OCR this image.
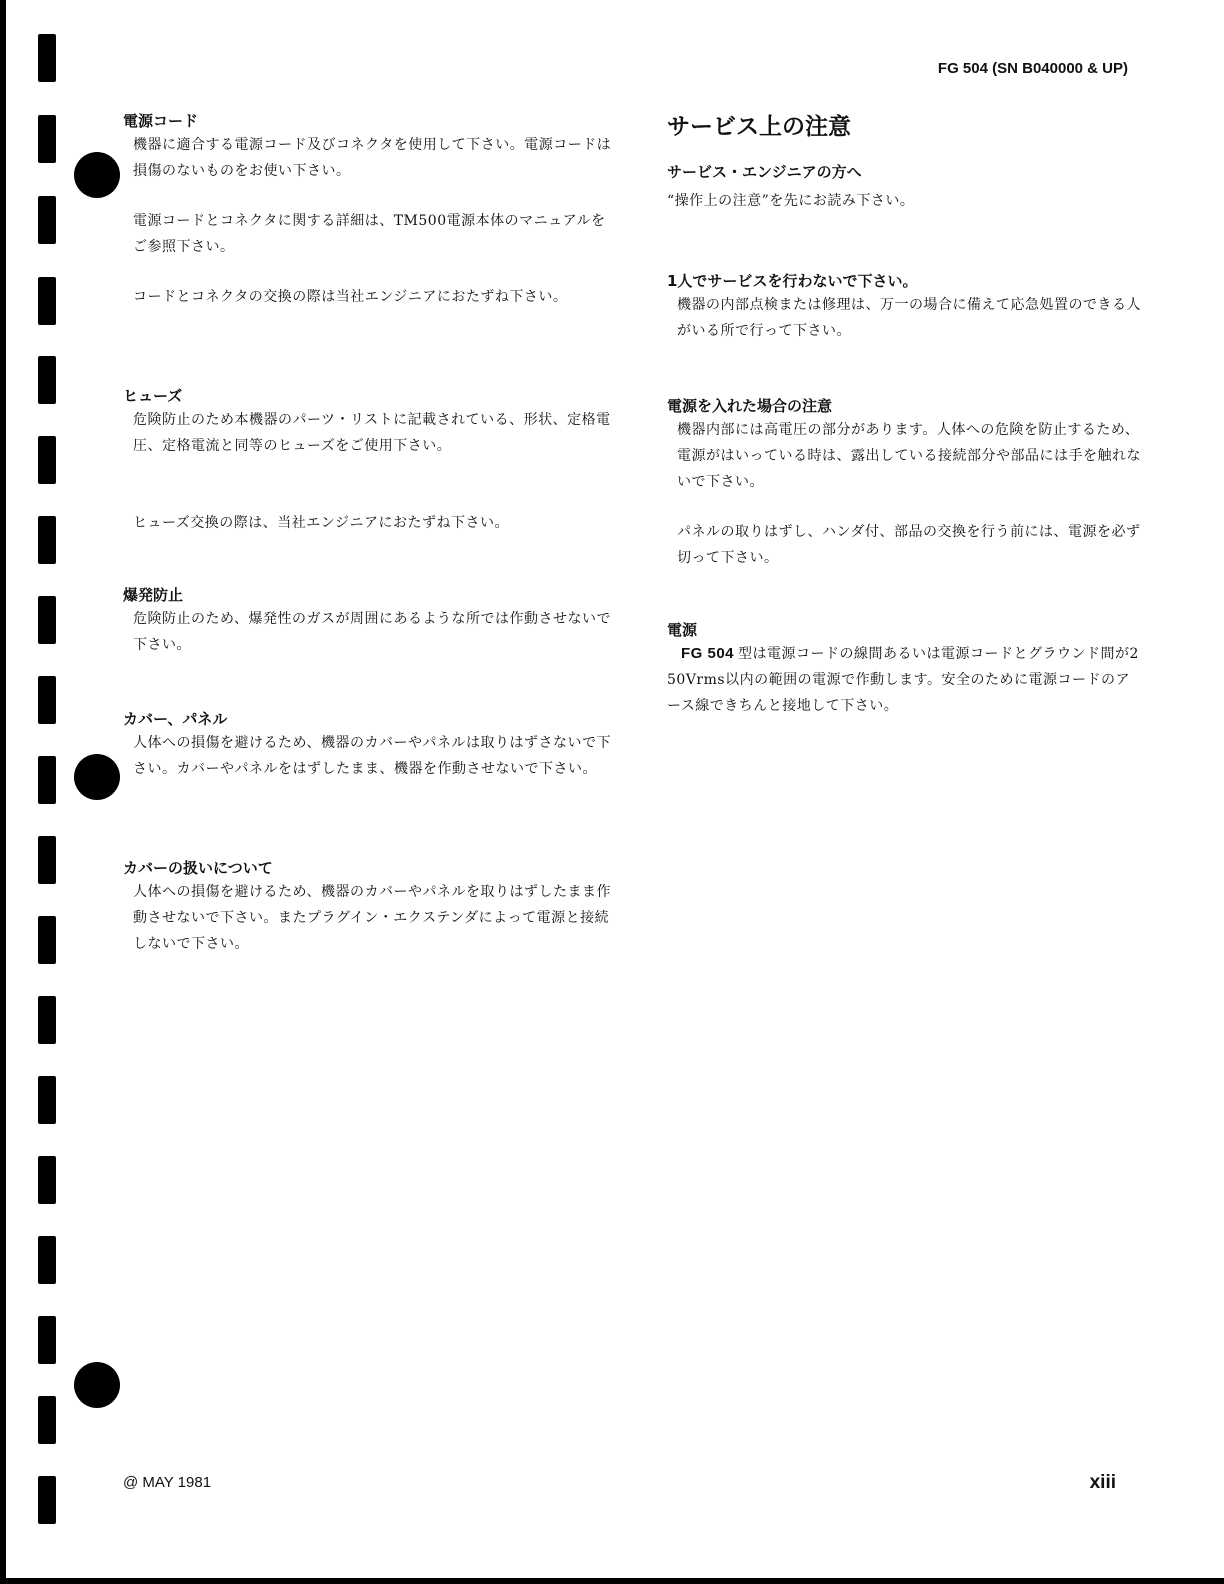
FG 504 (SN B040000 & UP)
電源コード

機器に適合する電源コード及びコネクタを使用して下さい。電源コードは損傷のないものをお使い下さい。

電源コードとコネクタに関する詳細は、TM500電源本体のマニュアルをご参照下さい。

コードとコネクタの交換の際は当社エンジニアにおたずね下さい。

ヒューズ

危険防止のため本機器のパーツ・リストに記載されている、形状、定格電圧、定格電流と同等のヒューズをご使用下さい。

ヒューズ交換の際は、当社エンジニアにおたずね下さい。

爆発防止

危険防止のため、爆発性のガスが周囲にあるような所では作動させないで下さい。

カバー、パネル

人体への損傷を避けるため、機器のカバーやパネルは取りはずさないで下さい。カバーやパネルをはずしたまま、機器を作動させないで下さい。

カバーの扱いについて

人体への損傷を避けるため、機器のカバーやパネルを取りはずしたまま作動させないで下さい。またプラグイン・エクステンダによって電源と接続しないで下さい。

サービス上の注意
サービス・エンジニアの方へ

“操作上の注意”を先にお読み下さい。

1人でサービスを行わないで下さい。

機器の内部点検または修理は、万一の場合に備えて応急処置のできる人がいる所で行って下さい。

電源を入れた場合の注意

機器内部には高電圧の部分があります。人体への危険を防止するため、電源がはいっている時は、露出している接続部分や部品には手を触れないで下さい。

パネルの取りはずし、ハンダ付、部品の交換を行う前には、電源を必ず切って下さい。

電源

FG 504 型は電源コードの線間あるいは電源コードとグラウンド間が250Vrms以内の範囲の電源で作動します。安全のために電源コードのアース線できちんと接地して下さい。

@ MAY 1981	xiii
